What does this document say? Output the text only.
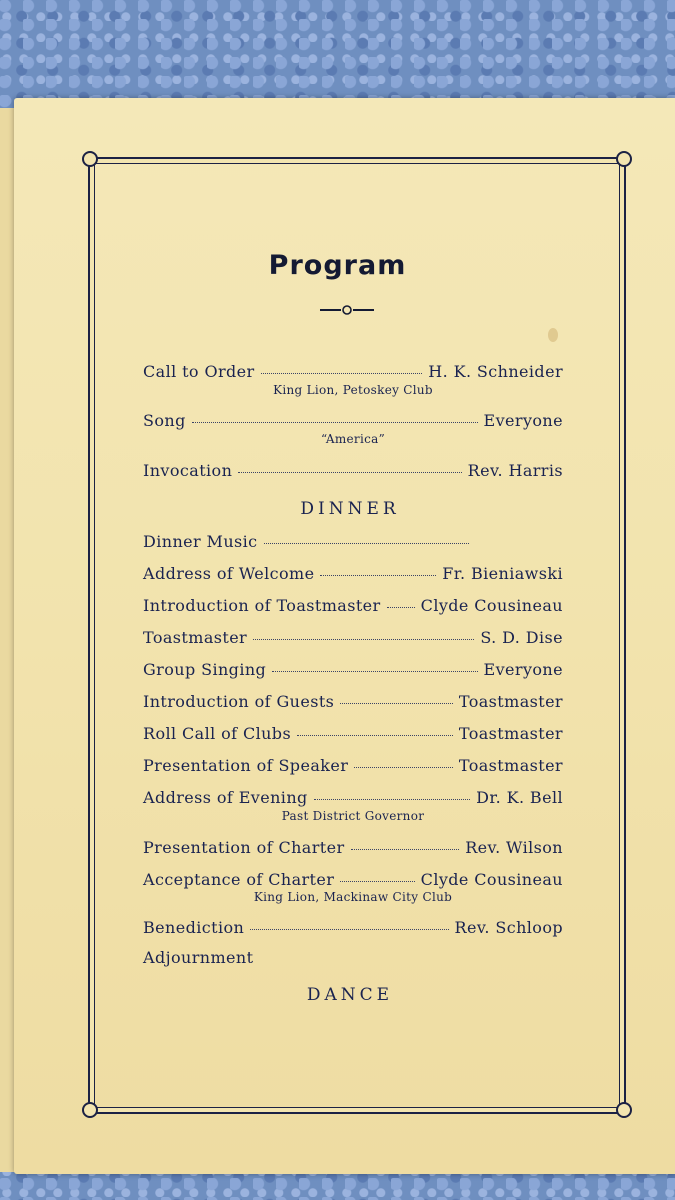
Program
Call to Order	H. K. Schneider
King Lion, Petoskey Club
Song	Everyone
“America”
Invocation	Rev. Harris
DINNER
Dinner Music
Address of Welcome	Fr. Bieniawski
Introduction of Toastmaster	Clyde Cousineau
Toastmaster	S. D. Dise
Group Singing	Everyone
Introduction of Guests	Toastmaster
Roll Call of Clubs	Toastmaster
Presentation of Speaker	Toastmaster
Address of Evening	Dr. K. Bell
Past District Governor
Presentation of Charter	Rev. Wilson
Acceptance of Charter	Clyde Cousineau
King Lion, Mackinaw City Club
Benediction	Rev. Schloop
Adjournment
DANCE
